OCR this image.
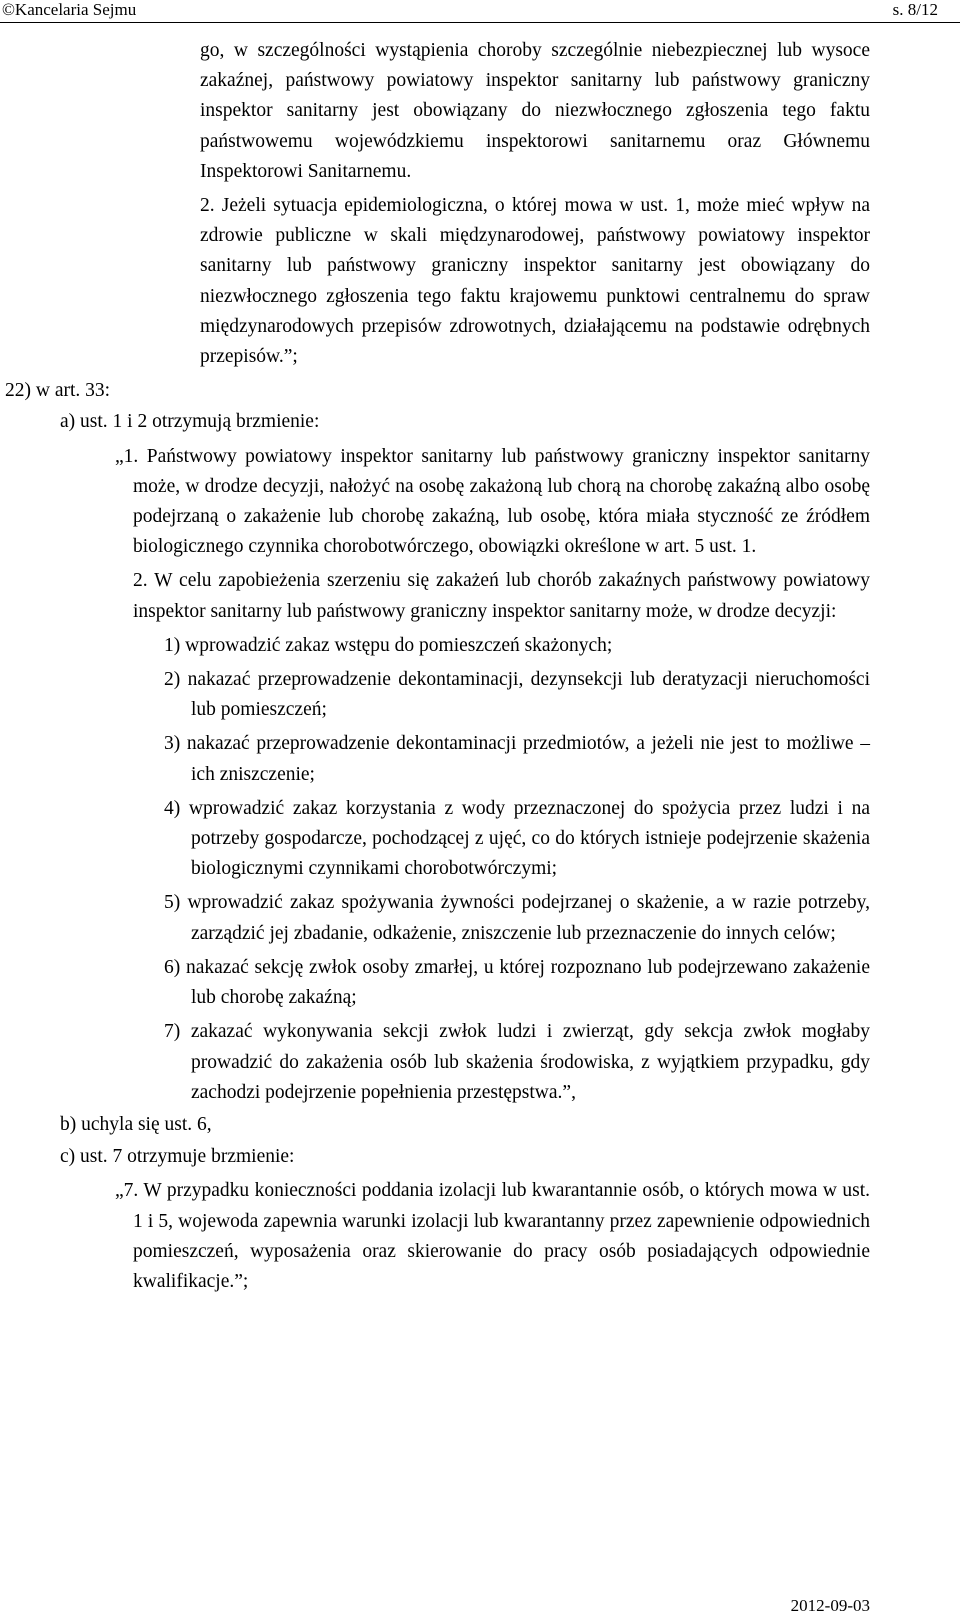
©Kancelaria Sejmu	s. 8/12

go, w szczególności wystąpienia choroby szczególnie niebezpiecznej lub wysoce zakaźnej, państwowy powiatowy inspektor sanitarny lub państwowy graniczny inspektor sanitarny jest obowiązany do niezwłocznego zgłoszenia tego faktu państwowemu wojewódzkiemu inspektorowi sanitarnemu oraz Głównemu Inspektorowi Sanitarnemu.

2. Jeżeli sytuacja epidemiologiczna, o której mowa w ust. 1, może mieć wpływ na zdrowie publiczne w skali międzynarodowej, państwowy powiatowy inspektor sanitarny lub państwowy graniczny inspektor sanitarny jest obowiązany do niezwłocznego zgłoszenia tego faktu krajowemu punktowi centralnemu do spraw międzynarodowych przepisów zdrowotnych, działającemu na podstawie odrębnych przepisów.”;

22) w art. 33:

a) ust. 1 i 2 otrzymują brzmienie:

„1. Państwowy powiatowy inspektor sanitarny lub państwowy graniczny inspektor sanitarny może, w drodze decyzji, nałożyć na osobę zakażoną lub chorą na chorobę zakaźną albo osobę podejrzaną o zakażenie lub chorobę zakaźną, lub osobę, która miała styczność ze źródłem biologicznego czynnika chorobotwórczego, obowiązki określone w art. 5 ust. 1.

2. W celu zapobieżenia szerzeniu się zakażeń lub chorób zakaźnych państwowy powiatowy inspektor sanitarny lub państwowy graniczny inspektor sanitarny może, w drodze decyzji:

1) wprowadzić zakaz wstępu do pomieszczeń skażonych;

2) nakazać przeprowadzenie dekontaminacji, dezynsekcji lub deratyzacji nieruchomości lub pomieszczeń;

3) nakazać przeprowadzenie dekontaminacji przedmiotów, a jeżeli nie jest to możliwe – ich zniszczenie;

4) wprowadzić zakaz korzystania z wody przeznaczonej do spożycia przez ludzi i na potrzeby gospodarcze, pochodzącej z ujęć, co do których istnieje podejrzenie skażenia biologicznymi czynnikami chorobotwórczymi;

5) wprowadzić zakaz spożywania żywności podejrzanej o skażenie, a w razie potrzeby, zarządzić jej zbadanie, odkażenie, zniszczenie lub przeznaczenie do innych celów;

6) nakazać sekcję zwłok osoby zmarłej, u której rozpoznano lub podejrzewano zakażenie lub chorobę zakaźną;

7) zakazać wykonywania sekcji zwłok ludzi i zwierząt, gdy sekcja zwłok mogłaby prowadzić do zakażenia osób lub skażenia środowiska, z wyjątkiem przypadku, gdy zachodzi podejrzenie popełnienia przestępstwa.”,

b) uchyla się ust. 6,

c) ust. 7 otrzymuje brzmienie:

„7. W przypadku konieczności poddania izolacji lub kwarantannie osób, o których mowa w ust. 1 i 5, wojewoda zapewnia warunki izolacji lub kwarantanny przez zapewnienie odpowiednich pomieszczeń, wyposażenia oraz skierowanie do pracy osób posiadających odpowiednie kwalifikacje.”;

2012-09-03
